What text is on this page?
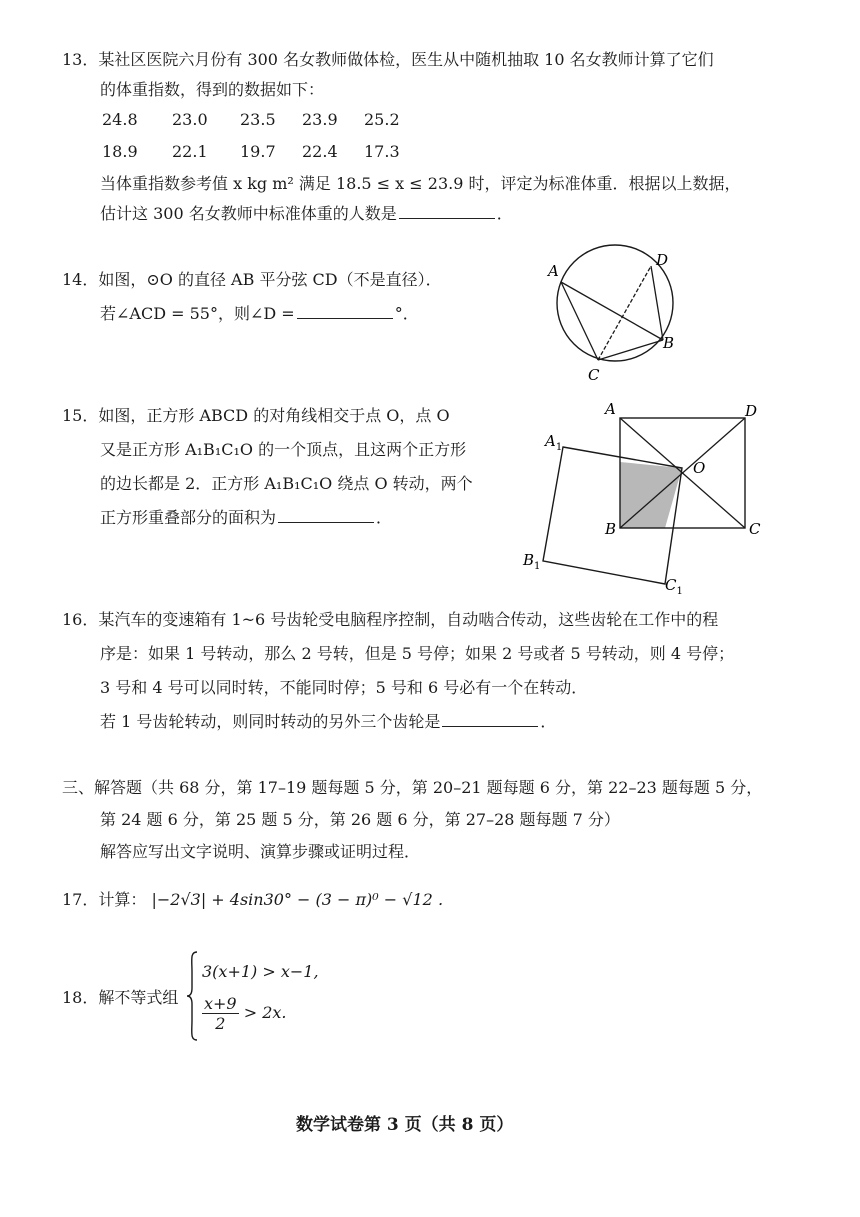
13．某社区医院六月份有 300 名女教师做体检，医生从中随机抽取 10 名女教师计算了它们
的体重指数，得到的数据如下：
24.8 23.0 23.5 23.9 25.2
18.9 22.1 19.7 22.4 17.3
当体重指数参考值 x kg m² 满足 18.5 ≤ x ≤ 23.9 时，评定为标准体重．根据以上数据，
估计这 300 名女教师中标准体重的人数是	．
14．如图，⊙O 的直径 AB 平分弦 CD（不是直径）．
若∠ACD = 55°，则∠D =	°．
A
D
B
C
15．如图，正方形 ABCD 的对角线相交于点 O，点 O
又是正方形 A₁B₁C₁O 的一个顶点，且这两个正方形
的边长都是 2．正方形 A₁B₁C₁O 绕点 O 转动，两个
正方形重叠部分的面积为	．
A	D
O
B	C
$A_1$
$B_1$
$C_1$
16．某汽车的变速箱有 1~6 号齿轮受电脑程序控制，自动啮合传动，这些齿轮在工作中的程
序是：如果 1 号转动，那么 2 号转，但是 5 号停；如果 2 号或者 5 号转动，则 4 号停；
3 号和 4 号可以同时转，不能同时停；5 号和 6 号必有一个在转动．
若 1 号齿轮转动，则同时转动的另外三个齿轮是	．
三、解答题（共 68 分，第 17–19 题每题 5 分，第 20–21 题每题 6 分，第 22–23 题每题 5 分，
第 24 题 6 分，第 25 题 5 分，第 26 题 6 分，第 27–28 题每题 7 分）
解答应写出文字说明、演算步骤或证明过程．
17．计算： |−2√3| + 4sin30° − (3 − π)⁰ − √12 ．
18．解不等式组
3(x+1) > x−1,
$\frac{x+9}{2} > 2x$.
数学试卷第 3 页（共 8 页）
